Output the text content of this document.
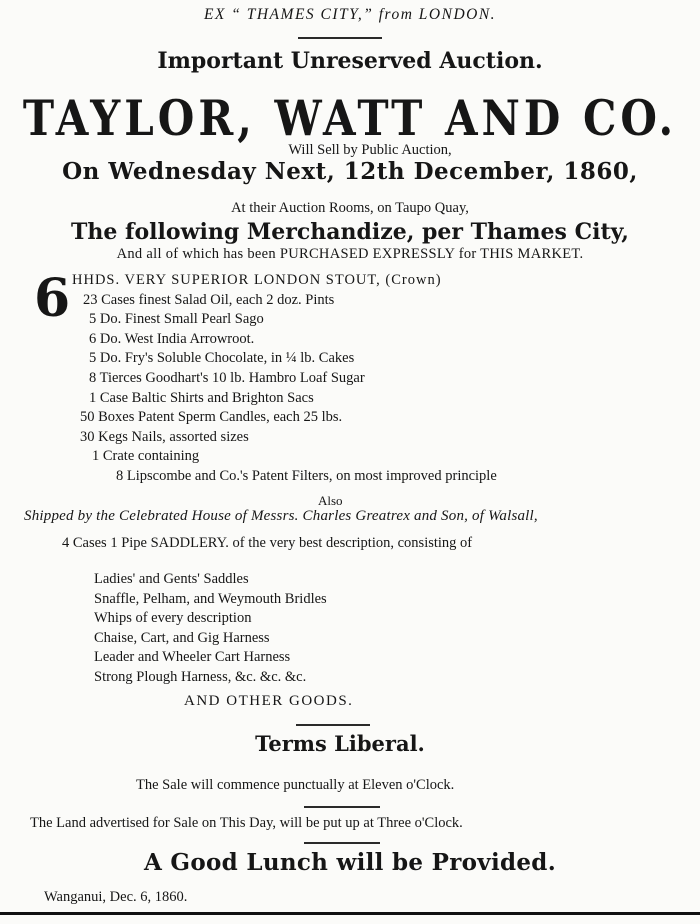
EX “ THAMES CITY,” from LONDON.
Important Unreserved Auction.
TAYLOR, WATT AND CO.
Will Sell by Public Auction,
On Wednesday Next, 12th December, 1860,
At their Auction Rooms, on Taupo Quay,
The following Merchandize, per Thames City,
And all of which has been PURCHASED EXPRESSLY for THIS MARKET.
6 HHDS. VERY SUPERIOR LONDON STOUT, (Crown)
23 Cases finest Salad Oil, each 2 doz. Pints
5 Do. Finest Small Pearl Sago
6 Do. West India Arrowroot.
5 Do. Fry's Soluble Chocolate, in ¼ lb. Cakes
8 Tierces Goodhart's 10 lb. Hambro Loaf Sugar
1 Case Baltic Shirts and Brighton Sacs
50 Boxes Patent Sperm Candles, each 25 lbs.
30 Kegs Nails, assorted sizes
1 Crate containing
8 Lipscombe and Co.'s Patent Filters, on most improved principle
Also
Shipped by the Celebrated House of Messrs. Charles Greatrex and Son, of Walsall,
4 Cases 1 Pipe SADDLERY. of the very best description, consisting of
Ladies' and Gents' Saddles
Snaffle, Pelham, and Weymouth Bridles
Whips of every description
Chaise, Cart, and Gig Harness
Leader and Wheeler Cart Harness
Strong Plough Harness, &c. &c. &c.
AND OTHER GOODS.
Terms Liberal.
The Sale will commence punctually at Eleven o'Clock.
The Land advertised for Sale on This Day, will be put up at Three o'Clock.
A Good Lunch will be Provided.
Wanganui, Dec. 6, 1860.
